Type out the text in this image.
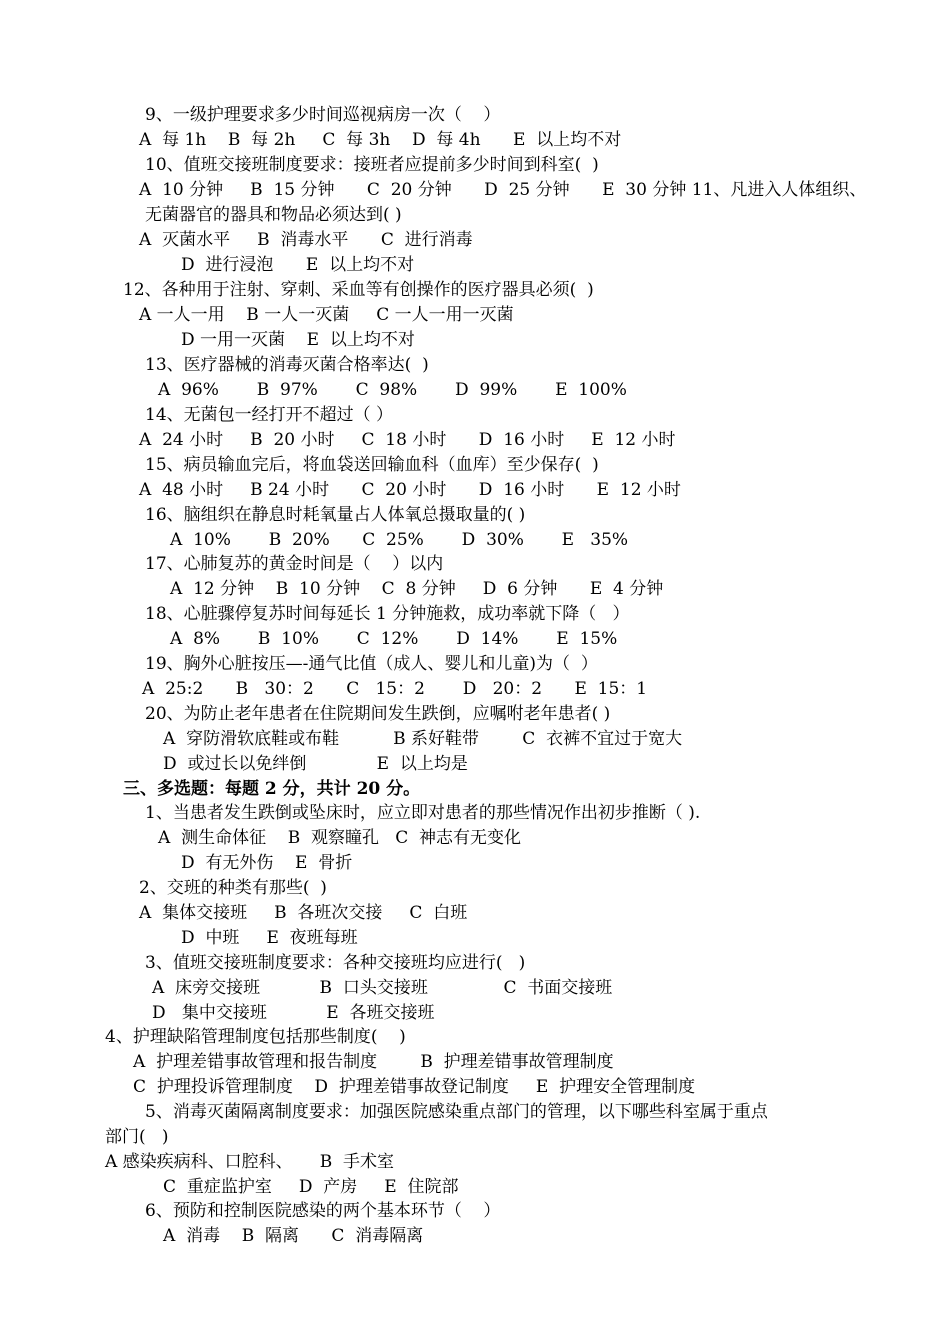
9、一级护理要求多少时间巡视病房一次（    ）
A  每 1h    B  每 2h     C  每 3h    D  每 4h      E  以上均不对
10、值班交接班制度要求：接班者应提前多少时间到科室(  )
A  10 分钟     B  15 分钟      C  20 分钟      D  25 分钟      E  30 分钟 11、凡进入人体组织、
无菌器官的器具和物品必须达到( )
A  灭菌水平     B  消毒水平      C  进行消毒
D  进行浸泡      E  以上均不对
12、各种用于注射、穿刺、采血等有创操作的医疗器具必须(  )
A 一人一用    B 一人一灭菌     C 一人一用一灭菌
D 一用一灭菌    E  以上均不对
13、医疗器械的消毒灭菌合格率达(  )
A  96%       B  97%       C  98%       D  99%       E  100%
14、无菌包一经打开不超过（ ）
A  24 小时     B  20 小时     C  18 小时      D  16 小时     E  12 小时
15、病员输血完后，将血袋送回输血科（血库）至少保存(  )
A  48 小时     B 24 小时      C  20 小时      D  16 小时      E  12 小时
16、脑组织在静息时耗氧量占人体氧总摄取量的( )
A  10%       B  20%      C  25%       D  30%       E   35%
17、心肺复苏的黄金时间是（    ）以内
A  12 分钟    B  10 分钟    C  8 分钟     D  6 分钟      E  4 分钟
18、心脏骤停复苏时间每延长 1 分钟施救，成功率就下降（   ）
A  8%       B  10%       C  12%       D  14%       E  15%
19、胸外心脏按压—-通气比值（成人、婴儿和儿童)为（  ）
A  25:2      B   30：2      C   15：2       D   20：2      E  15：1
20、为防止老年患者在住院期间发生跌倒，应嘱咐老年患者( )
A  穿防滑软底鞋或布鞋          B 系好鞋带        C  衣裤不宜过于宽大
D  或过长以免绊倒             E  以上均是
三、多选题：每题 2 分，共计 20 分。
1、当患者发生跌倒或坠床时，应立即对患者的那些情况作出初步推断（ ).
A  测生命体征    B  观察瞳孔   C  神志有无变化
D  有无外伤    E  骨折
2、交班的种类有那些(  )
A  集体交接班     B  各班次交接     C  白班
D  中班     E  夜班每班
3、值班交接班制度要求：各种交接班均应进行(   )
A  床旁交接班           B  口头交接班              C  书面交接班
D   集中交接班           E  各班交接班
4、护理缺陷管理制度包括那些制度(    )
A  护理差错事故管理和报告制度        B  护理差错事故管理制度
C  护理投诉管理制度    D  护理差错事故登记制度     E  护理安全管理制度
5、消毒灭菌隔离制度要求：加强医院感染重点部门的管理，以下哪些科室属于重点
部门(   )
A 感染疾病科、口腔科、     B  手术室
C  重症监护室     D  产房     E  住院部
6、预防和控制医院感染的两个基本环节（    ）
A  消毒    B  隔离      C  消毒隔离
